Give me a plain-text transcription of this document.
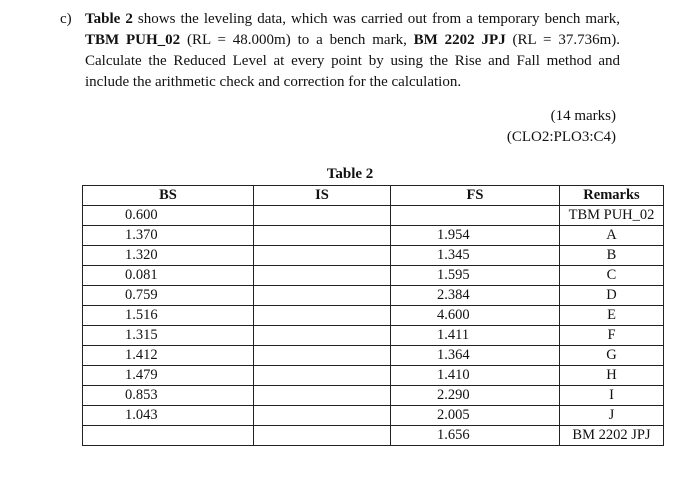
c) Table 2 shows the leveling data, which was carried out from a temporary bench mark, TBM PUH_02 (RL = 48.000m) to a bench mark, BM 2202 JPJ (RL = 37.736m). Calculate the Reduced Level at every point by using the Rise and Fall method and include the arithmetic check and correction for the calculation.
(14 marks)
(CLO2:PLO3:C4)
Table 2
BS	IS	FS	Remarks
0.600			TBM PUH_02
1.370		1.954	A
1.320		1.345	B
0.081		1.595	C
0.759		2.384	D
1.516		4.600	E
1.315		1.411	F
1.412		1.364	G
1.479		1.410	H
0.853		2.290	I
1.043		2.005	J
		1.656	BM 2202 JPJ
